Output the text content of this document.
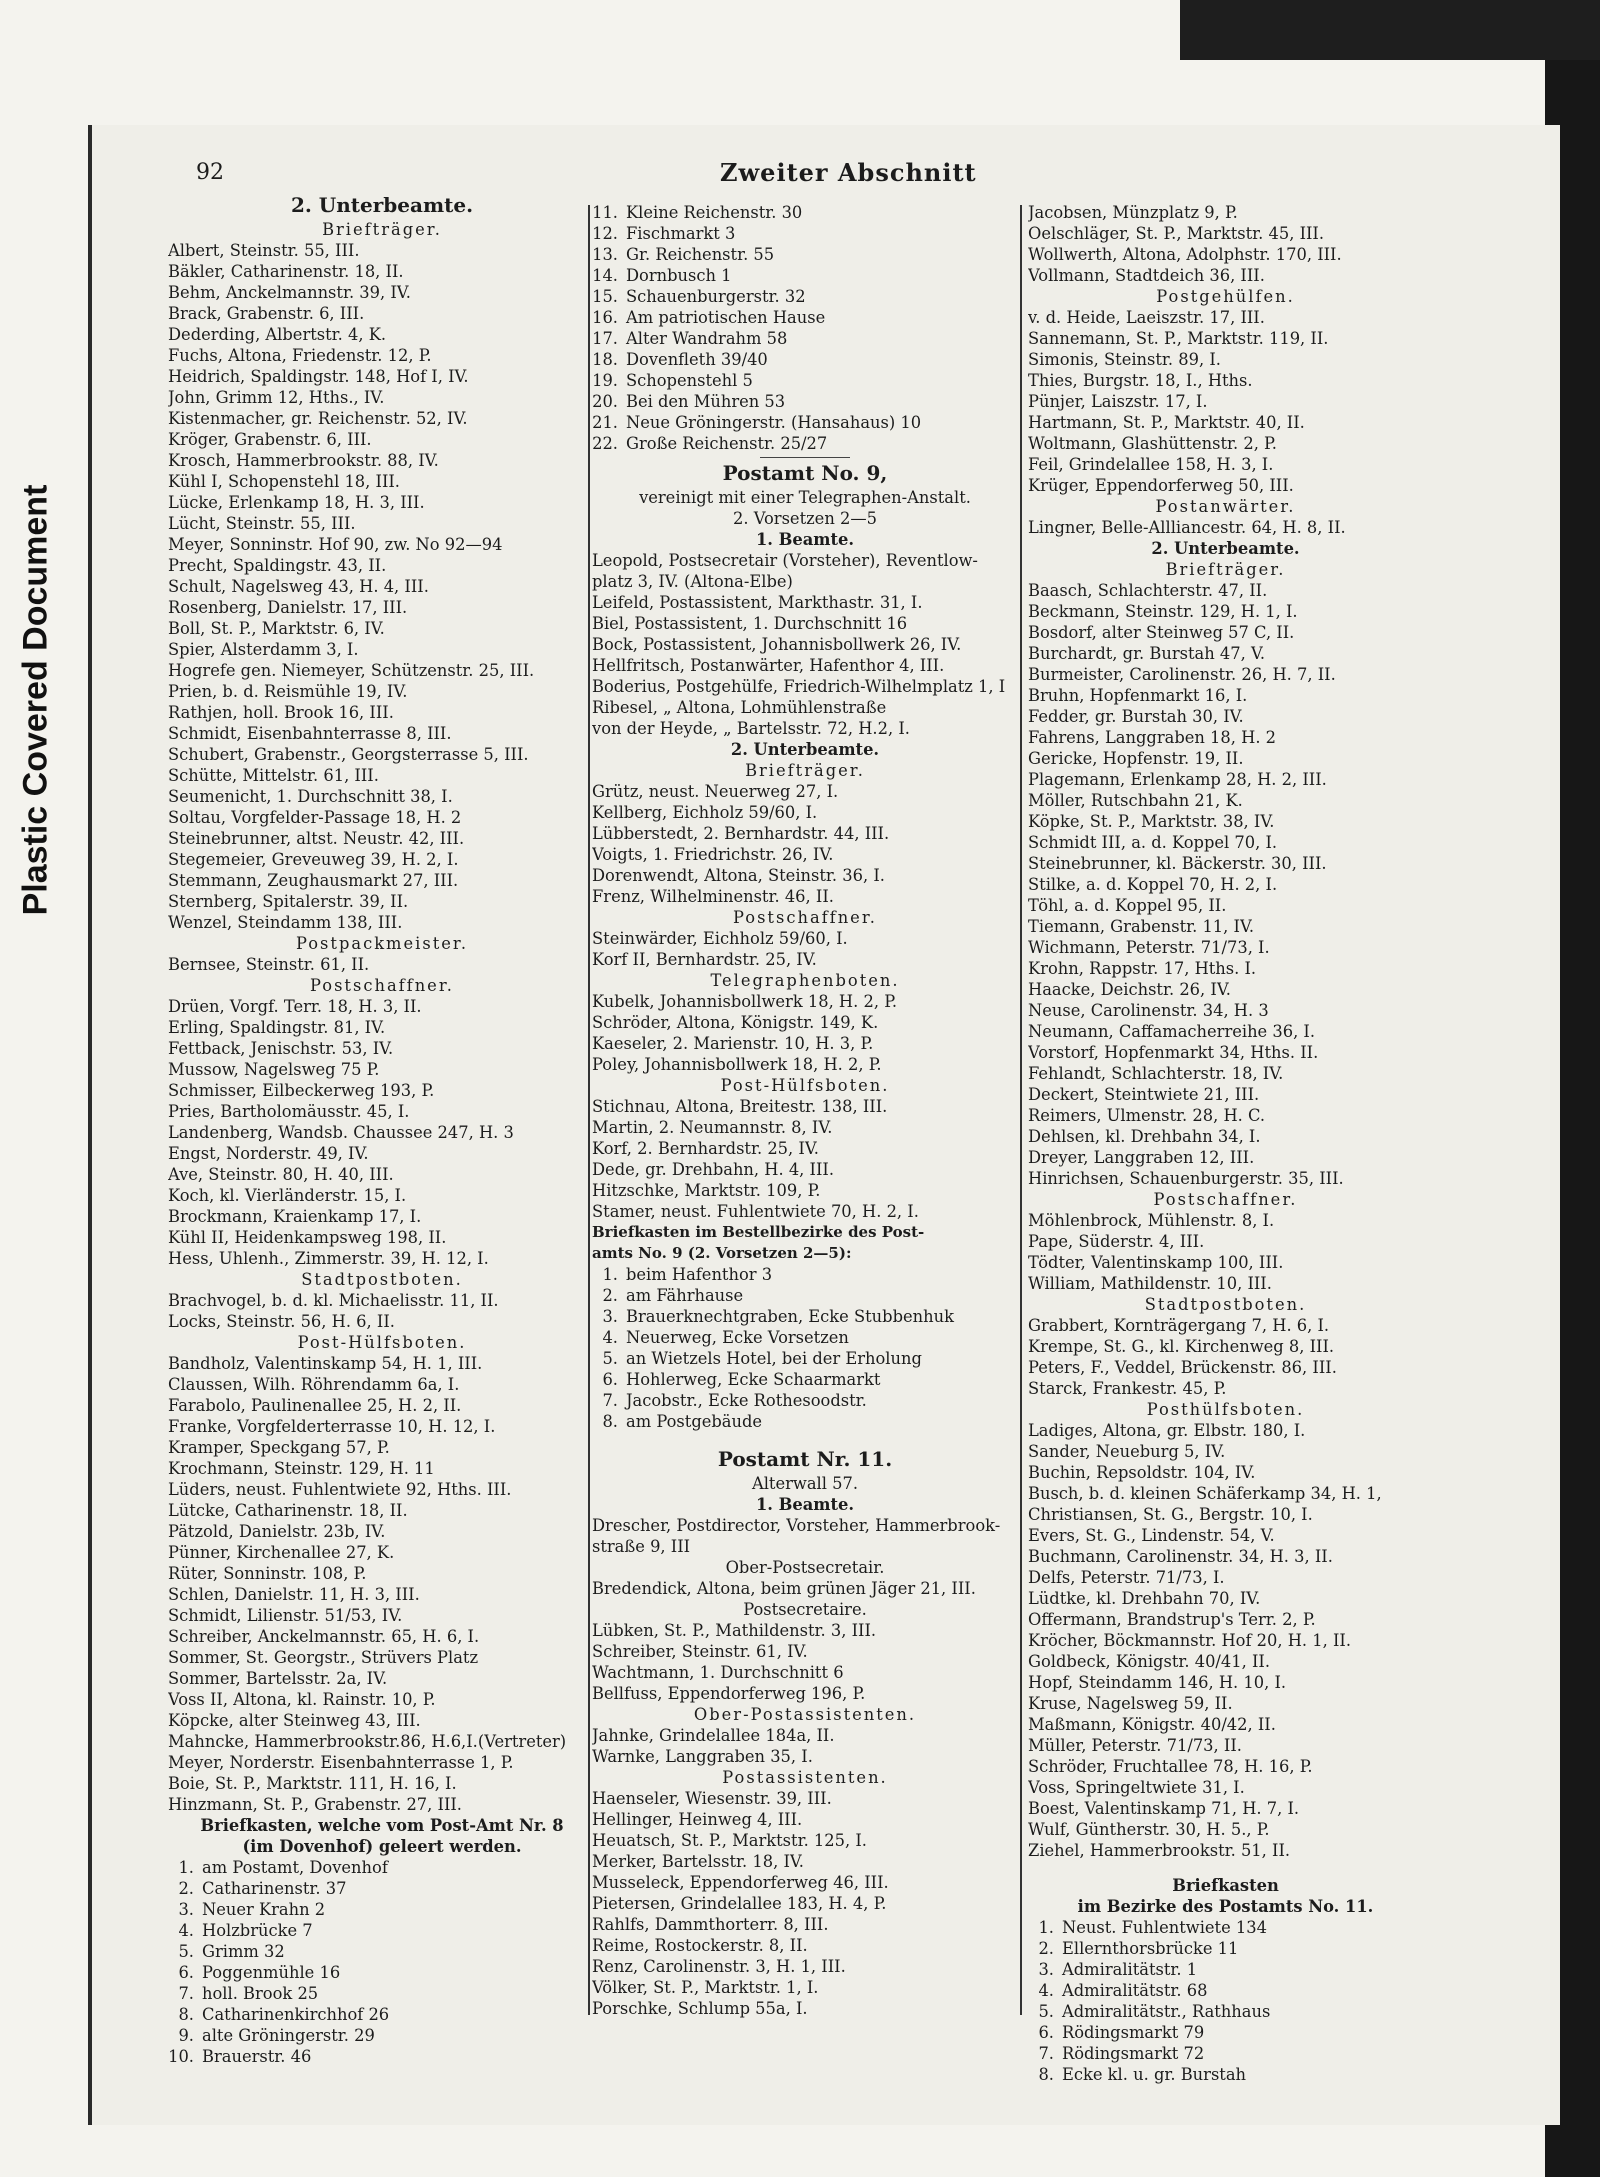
Plastic Covered Document
92	Zweiter Abschnitt
2. Unterbeamte.
Briefträger.
Albert, Steinstr. 55, III.
Bäkler, Catharinenstr. 18, II.
Behm, Anckelmannstr. 39, IV.
Brack, Grabenstr. 6, III.
Dederding, Albertstr. 4, K.
Fuchs, Altona, Friedenstr. 12, P.
Heidrich, Spaldingstr. 148, Hof I, IV.
John, Grimm 12, Hths., IV.
Kistenmacher, gr. Reichenstr. 52, IV.
Kröger, Grabenstr. 6, III.
Krosch, Hammerbrookstr. 88, IV.
Kühl I, Schopenstehl 18, III.
Lücke, Erlenkamp 18, H. 3, III.
Lücht, Steinstr. 55, III.
Meyer, Sonninstr. Hof 90, zw. No 92—94
Precht, Spaldingstr. 43, II.
Schult, Nagelsweg 43, H. 4, III.
Rosenberg, Danielstr. 17, III.
Boll, St. P., Marktstr. 6, IV.
Spier, Alsterdamm 3, I.
Hogrefe gen. Niemeyer, Schützenstr. 25, III.
Prien, b. d. Reismühle 19, IV.
Rathjen, holl. Brook 16, III.
Schmidt, Eisenbahnterrasse 8, III.
Schubert, Grabenstr., Georgsterrasse 5, III.
Schütte, Mittelstr. 61, III.
Seumenicht, 1. Durchschnitt 38, I.
Soltau, Vorgfelder-Passage 18, H. 2
Steinebrunner, altst. Neustr. 42, III.
Stegemeier, Greveuweg 39, H. 2, I.
Stemmann, Zeughausmarkt 27, III.
Sternberg, Spitalerstr. 39, II.
Wenzel, Steindamm 138, III.
Postpackmeister.
Bernsee, Steinstr. 61, II.
Postschaffner.
Drüen, Vorgf. Terr. 18, H. 3, II.
Erling, Spaldingstr. 81, IV.
Fettback, Jenischstr. 53, IV.
Mussow, Nagelsweg 75 P.
Schmisser, Eilbeckerweg 193, P.
Pries, Bartholomäusstr. 45, I.
Landenberg, Wandsb. Chaussee 247, H. 3
Engst, Norderstr. 49, IV.
Ave, Steinstr. 80, H. 40, III.
Koch, kl. Vierländerstr. 15, I.
Brockmann, Kraienkamp 17, I.
Kühl II, Heidenkampsweg 198, II.
Hess, Uhlenh., Zimmerstr. 39, H. 12, I.
Stadtpostboten.
Brachvogel, b. d. kl. Michaelisstr. 11, II.
Locks, Steinstr. 56, H. 6, II.
Post-Hülfsboten.
Bandholz, Valentinskamp 54, H. 1, III.
Claussen, Wilh. Röhrendamm 6a, I.
Farabolo, Paulinenallee 25, H. 2, II.
Franke, Vorgfelderterrasse 10, H. 12, I.
Kramper, Speckgang 57, P.
Krochmann, Steinstr. 129, H. 11
Lüders, neust. Fuhlentwiete 92, Hths. III.
Lütcke, Catharinenstr. 18, II.
Pätzold, Danielstr. 23b, IV.
Pünner, Kirchenallee 27, K.
Rüter, Sonninstr. 108, P.
Schlen, Danielstr. 11, H. 3, III.
Schmidt, Lilienstr. 51/53, IV.
Schreiber, Anckelmannstr. 65, H. 6, I.
Sommer, St. Georgstr., Strüvers Platz
Sommer, Bartelsstr. 2a, IV.
Voss II, Altona, kl. Rainstr. 10, P.
Köpcke, alter Steinweg 43, III.
Mahncke, Hammerbrookstr.86, H.6,I.(Vertreter)
Meyer, Norderstr. Eisenbahnterrasse 1, P.
Boie, St. P., Marktstr. 111, H. 16, I.
Hinzmann, St. P., Grabenstr. 27, III.
Briefkasten, welche vom Post-Amt Nr. 8
(im Dovenhof) geleert werden.
1. am Postamt, Dovenhof
2. Catharinenstr. 37
3. Neuer Krahn 2
4. Holzbrücke 7
5. Grimm 32
6. Poggenmühle 16
7. holl. Brook 25
8. Catharinenkirchhof 26
9. alte Gröningerstr. 29
10. Brauerstr. 46
11. Kleine Reichenstr. 30
12. Fischmarkt 3
13. Gr. Reichenstr. 55
14. Dornbusch 1
15. Schauenburgerstr. 32
16. Am patriotischen Hause
17. Alter Wandrahm 58
18. Dovenfleth 39/40
19. Schopenstehl 5
20. Bei den Mühren 53
21. Neue Gröningerstr. (Hansahaus) 10
22. Große Reichenstr. 25/27
Postamt No. 9,
vereinigt mit einer Telegraphen-Anstalt.
2. Vorsetzen 2—5
1. Beamte.
Leopold, Postsecretair (Vorsteher), Reventlow-
platz 3, IV. (Altona-Elbe)
Leifeld, Postassistent, Markthastr. 31, I.
Biel, Postassistent, 1. Durchschnitt 16
Bock, Postassistent, Johannisbollwerk 26, IV.
Hellfritsch, Postanwärter, Hafenthor 4, III.
Boderius, Postgehülfe, Friedrich-Wilhelmplatz 1, I
Ribesel, „ Altona, Lohmühlenstraße
von der Heyde, „ Bartelsstr. 72, H.2, I.
2. Unterbeamte.
Briefträger.
Grütz, neust. Neuerweg 27, I.
Kellberg, Eichholz 59/60, I.
Lübberstedt, 2. Bernhardstr. 44, III.
Voigts, 1. Friedrichstr. 26, IV.
Dorenwendt, Altona, Steinstr. 36, I.
Frenz, Wilhelminenstr. 46, II.
Postschaffner.
Steinwärder, Eichholz 59/60, I.
Korf II, Bernhardstr. 25, IV.
Telegraphenboten.
Kubelk, Johannisbollwerk 18, H. 2, P.
Schröder, Altona, Königstr. 149, K.
Kaeseler, 2. Marienstr. 10, H. 3, P.
Poley, Johannisbollwerk 18, H. 2, P.
Post-Hülfsboten.
Stichnau, Altona, Breitestr. 138, III.
Martin, 2. Neumannstr. 8, IV.
Korf, 2. Bernhardstr. 25, IV.
Dede, gr. Drehbahn, H. 4, III.
Hitzschke, Marktstr. 109, P.
Stamer, neust. Fuhlentwiete 70, H. 2, I.
Briefkasten im Bestellbezirke des Post-
amts No. 9 (2. Vorsetzen 2—5):
1. beim Hafenthor 3
2. am Fährhause
3. Brauerknechtgraben, Ecke Stubbenhuk
4. Neuerweg, Ecke Vorsetzen
5. an Wietzels Hotel, bei der Erholung
6. Hohlerweg, Ecke Schaarmarkt
7. Jacobstr., Ecke Rothesoodstr.
8. am Postgebäude
Postamt Nr. 11.
Alterwall 57.
1. Beamte.
Drescher, Postdirector, Vorsteher, Hammerbrook-
straße 9, III
Ober-Postsecretair.
Bredendick, Altona, beim grünen Jäger 21, III.
Postsecretaire.
Lübken, St. P., Mathildenstr. 3, III.
Schreiber, Steinstr. 61, IV.
Wachtmann, 1. Durchschnitt 6
Bellfuss, Eppendorferweg 196, P.
Ober-Postassistenten.
Jahnke, Grindelallee 184a, II.
Warnke, Langgraben 35, I.
Postassistenten.
Haenseler, Wiesenstr. 39, III.
Hellinger, Heinweg 4, III.
Heuatsch, St. P., Marktstr. 125, I.
Merker, Bartelsstr. 18, IV.
Musseleck, Eppendorferweg 46, III.
Pietersen, Grindelallee 183, H. 4, P.
Rahlfs, Dammthorterr. 8, III.
Reime, Rostockerstr. 8, II.
Renz, Carolinenstr. 3, H. 1, III.
Völker, St. P., Marktstr. 1, I.
Porschke, Schlump 55a, I.
Jacobsen, Münzplatz 9, P.
Oelschläger, St. P., Marktstr. 45, III.
Wollwerth, Altona, Adolphstr. 170, III.
Vollmann, Stadtdeich 36, III.
Postgehülfen.
v. d. Heide, Laeiszstr. 17, III.
Sannemann, St. P., Marktstr. 119, II.
Simonis, Steinstr. 89, I.
Thies, Burgstr. 18, I., Hths.
Pünjer, Laiszstr. 17, I.
Hartmann, St. P., Marktstr. 40, II.
Woltmann, Glashüttenstr. 2, P.
Feil, Grindelallee 158, H. 3, I.
Krüger, Eppendorferweg 50, III.
Postanwärter.
Lingner, Belle-Allliancestr. 64, H. 8, II.
2. Unterbeamte.
Briefträger.
Baasch, Schlachterstr. 47, II.
Beckmann, Steinstr. 129, H. 1, I.
Bosdorf, alter Steinweg 57 C, II.
Burchardt, gr. Burstah 47, V.
Burmeister, Carolinenstr. 26, H. 7, II.
Bruhn, Hopfenmarkt 16, I.
Fedder, gr. Burstah 30, IV.
Fahrens, Langgraben 18, H. 2
Gericke, Hopfenstr. 19, II.
Plagemann, Erlenkamp 28, H. 2, III.
Möller, Rutschbahn 21, K.
Köpke, St. P., Marktstr. 38, IV.
Schmidt III, a. d. Koppel 70, I.
Steinebrunner, kl. Bäckerstr. 30, III.
Stilke, a. d. Koppel 70, H. 2, I.
Töhl, a. d. Koppel 95, II.
Tiemann, Grabenstr. 11, IV.
Wichmann, Peterstr. 71/73, I.
Krohn, Rappstr. 17, Hths. I.
Haacke, Deichstr. 26, IV.
Neuse, Carolinenstr. 34, H. 3
Neumann, Caffamacherreihe 36, I.
Vorstorf, Hopfenmarkt 34, Hths. II.
Fehlandt, Schlachterstr. 18, IV.
Deckert, Steintwiete 21, III.
Reimers, Ulmenstr. 28, H. C.
Dehlsen, kl. Drehbahn 34, I.
Dreyer, Langgraben 12, III.
Hinrichsen, Schauenburgerstr. 35, III.
Postschaffner.
Möhlenbrock, Mühlenstr. 8, I.
Pape, Süderstr. 4, III.
Tödter, Valentinskamp 100, III.
William, Mathildenstr. 10, III.
Stadtpostboten.
Grabbert, Kornträgergang 7, H. 6, I.
Krempe, St. G., kl. Kirchenweg 8, III.
Peters, F., Veddel, Brückenstr. 86, III.
Starck, Frankestr. 45, P.
Posthülfsboten.
Ladiges, Altona, gr. Elbstr. 180, I.
Sander, Neueburg 5, IV.
Buchin, Repsoldstr. 104, IV.
Busch, b. d. kleinen Schäferkamp 34, H. 1,
Christiansen, St. G., Bergstr. 10, I.
Evers, St. G., Lindenstr. 54, V.
Buchmann, Carolinenstr. 34, H. 3, II.
Delfs, Peterstr. 71/73, I.
Lüdtke, kl. Drehbahn 70, IV.
Offermann, Brandstrup's Terr. 2, P.
Kröcher, Böckmannstr. Hof 20, H. 1, II.
Goldbeck, Königstr. 40/41, II.
Hopf, Steindamm 146, H. 10, I.
Kruse, Nagelsweg 59, II.
Maßmann, Königstr. 40/42, II.
Müller, Peterstr. 71/73, II.
Schröder, Fruchtallee 78, H. 16, P.
Voss, Springeltwiete 31, I.
Boest, Valentinskamp 71, H. 7, I.
Wulf, Güntherstr. 30, H. 5., P.
Ziehel, Hammerbrookstr. 51, II.
Briefkasten
im Bezirke des Postamts No. 11.
1. Neust. Fuhlentwiete 134
2. Ellernthorsbrücke 11
3. Admiralitätstr. 1
4. Admiralitätstr. 68
5. Admiralitätstr., Rathhaus
6. Rödingsmarkt 79
7. Rödingsmarkt 72
8. Ecke kl. u. gr. Burstah
